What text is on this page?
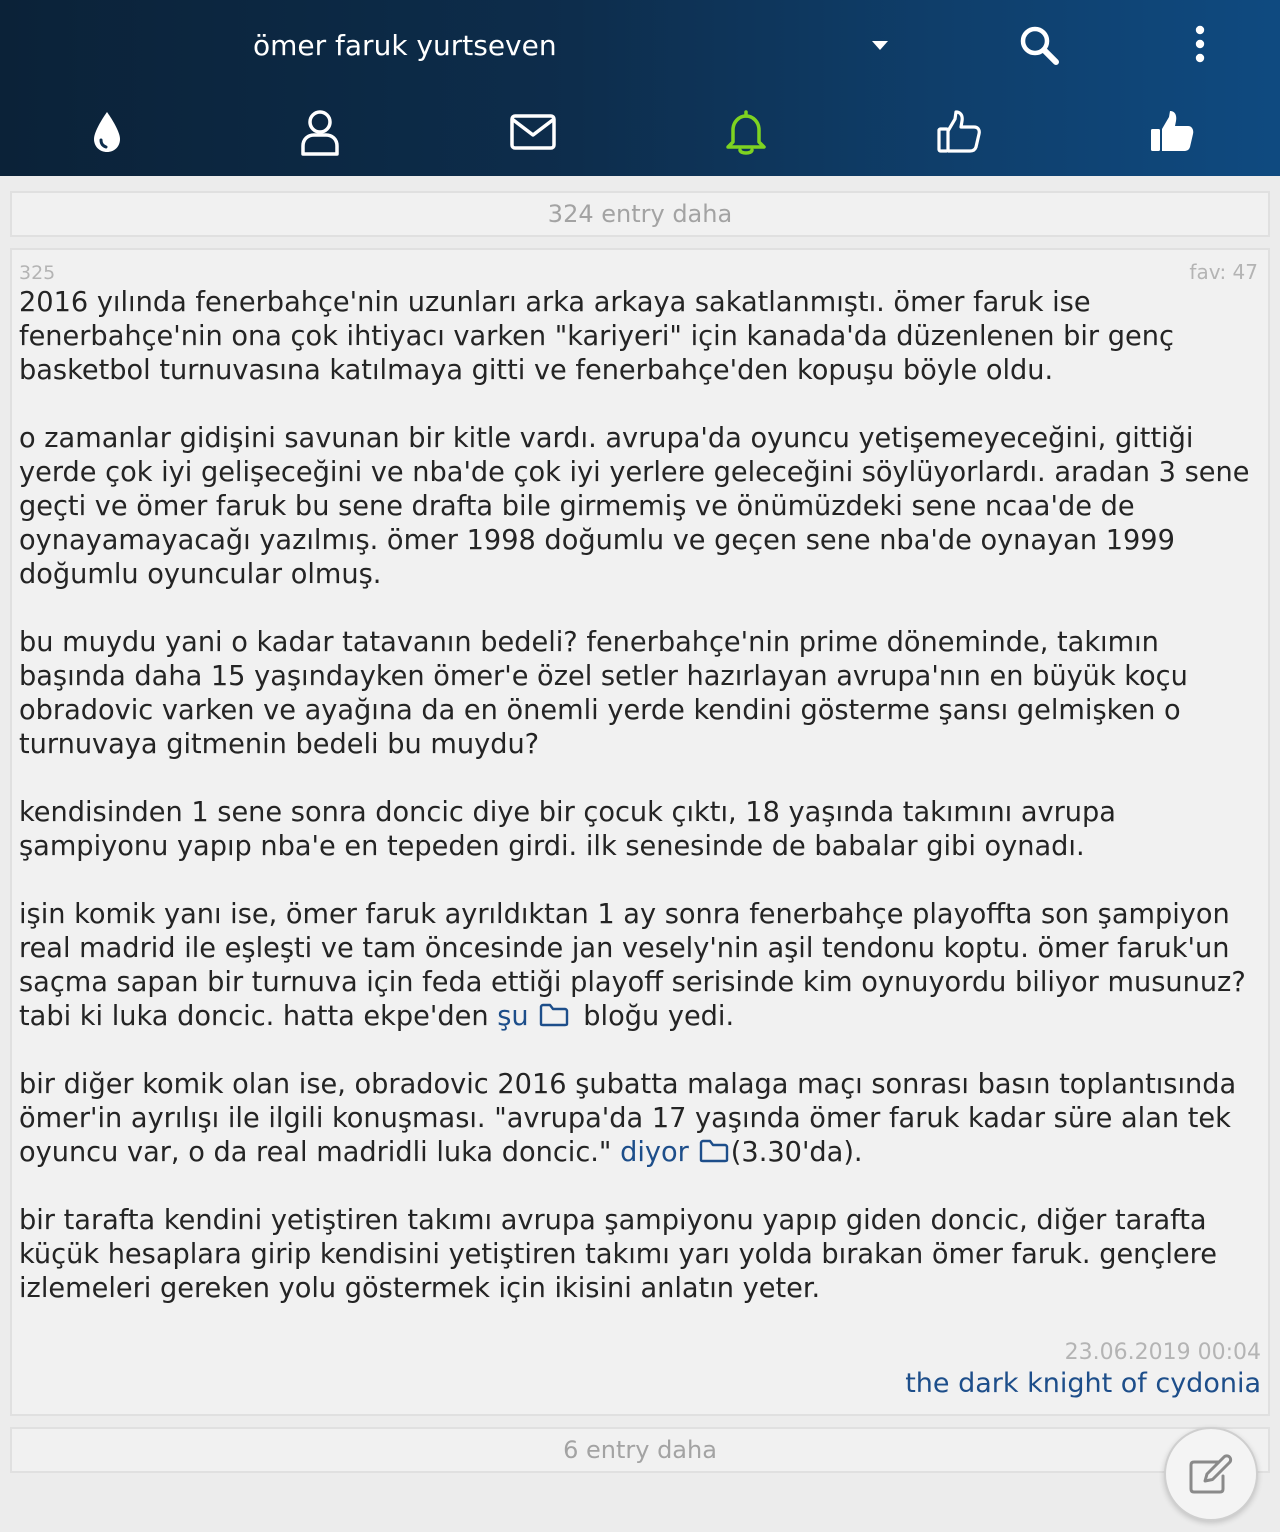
ömer faruk yurtseven
324 entry daha
325	fav: 47

2016 yılında fenerbahçe'nin uzunları arka arkaya sakatlanmıştı. ömer faruk ise fenerbahçe'nin ona çok ihtiyacı varken "kariyeri" için kanada'da düzenlenen bir genç basketbol turnuvasına katılmaya gitti ve fenerbahçe'den kopuşu böyle oldu.

o zamanlar gidişini savunan bir kitle vardı. avrupa'da oyuncu yetişemeyeceğini, gittiği yerde çok iyi gelişeceğini ve nba'de çok iyi yerlere geleceğini söylüyorlardı. aradan 3 sene geçti ve ömer faruk bu sene drafta bile girmemiş ve önümüzdeki sene ncaa'de de oynayamayacağı yazılmış. ömer 1998 doğumlu ve geçen sene nba'de oynayan 1999 doğumlu oyuncular olmuş.

bu muydu yani o kadar tatavanın bedeli? fenerbahçe'nin prime döneminde, takımın başında daha 15 yaşındayken ömer'e özel setler hazırlayan avrupa'nın en büyük koçu obradovic varken ve ayağına da en önemli yerde kendini gösterme şansı gelmişken o turnuvaya gitmenin bedeli bu muydu?

kendisinden 1 sene sonra doncic diye bir çocuk çıktı, 18 yaşında takımını avrupa şampiyonu yapıp nba'e en tepeden girdi. ilk senesinde de babalar gibi oynadı.

işin komik yanı ise, ömer faruk ayrıldıktan 1 ay sonra fenerbahçe playoffta son şampiyon real madrid ile eşleşti ve tam öncesinde jan vesely'nin aşil tendonu koptu. ömer faruk'un saçma sapan bir turnuva için feda ettiği playoff serisinde kim oynuyordu biliyor musunuz? tabi ki luka doncic. hatta ekpe'den şu bloğu yedi.

bir diğer komik olan ise, obradovic 2016 şubatta malaga maçı sonrası basın toplantısında ömer'in ayrılışı ile ilgili konuşması. "avrupa'da 17 yaşında ömer faruk kadar süre alan tek oyuncu var, o da real madridli luka doncic." diyor (3.30'da).

bir tarafta kendini yetiştiren takımı avrupa şampiyonu yapıp giden doncic, diğer tarafta küçük hesaplara girip kendisini yetiştiren takımı yarı yolda bırakan ömer faruk. gençlere izlemeleri gereken yolu göstermek için ikisini anlatın yeter.

23.06.2019 00:04
the dark knight of cydonia
6 entry daha
